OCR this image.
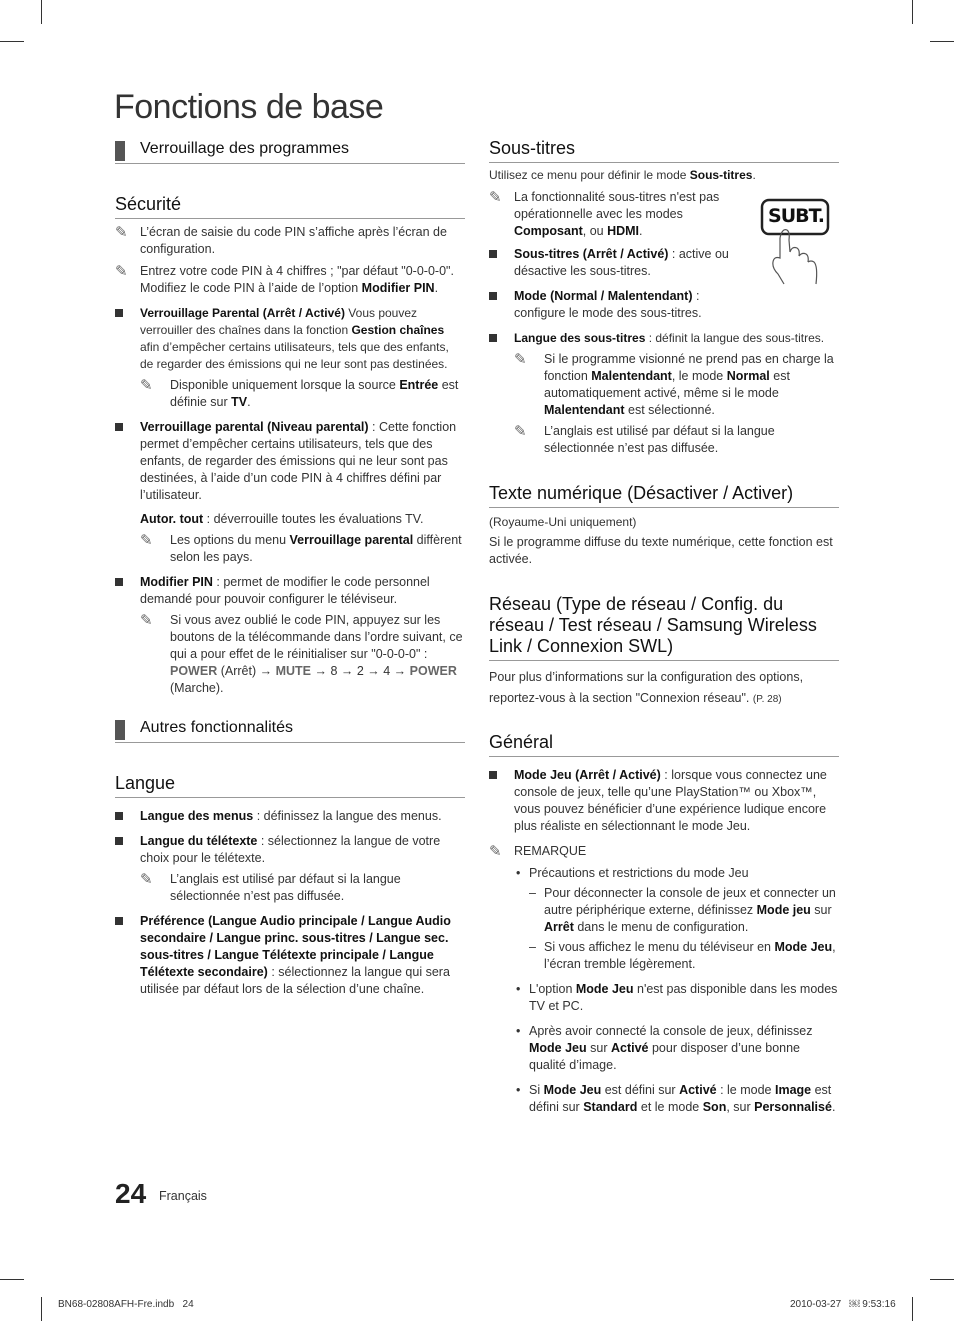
Fonctions de base
Verrouillage des programmes
Sécurité
✎ L’écran de saisie du code PIN s’affiche après l’écran de configuration.
✎ Entrez votre code PIN à 4 chiffres ; "par défaut "0-0-0-0". Modifiez le code PIN à l’aide de l’option Modifier PIN.
Verrouillage Parental (Arrêt / Activé) Vous pouvez verrouiller des chaînes dans la fonction Gestion chaînes afin d’empêcher certains utilisateurs, tels que des enfants, de regarder des émissions qui ne leur sont pas destinées.
✎ Disponible uniquement lorsque la source Entrée est définie sur TV.
Verrouillage parental (Niveau parental) : Cette fonction permet d’empêcher certains utilisateurs, tels que des enfants, de regarder des émissions qui ne leur sont pas destinées, à l’aide d’un code PIN à 4 chiffres défini par l’utilisateur.
Autor. tout : déverrouille toutes les évaluations TV.
✎ Les options du menu Verrouillage parental diffèrent selon les pays.
Modifier PIN : permet de modifier le code personnel demandé pour pouvoir configurer le téléviseur.
✎ Si vous avez oublié le code PIN, appuyez sur les boutons de la télécommande dans l’ordre suivant, ce qui a pour effet de le réinitialiser sur "0-0-0-0" : POWER (Arrêt) → MUTE → 8 → 2 → 4 → POWER (Marche).
Autres fonctionnalités
Langue
Langue des menus : définissez la langue des menus.
Langue du télétexte : sélectionnez la langue de votre choix pour le télétexte.
✎ L’anglais est utilisé par défaut si la langue sélectionnée n’est pas diffusée.
Préférence (Langue Audio principale / Langue Audio secondaire / Langue princ. sous-titres / Langue sec. sous-titres / Langue Télétexte principale / Langue Télétexte secondaire) : sélectionnez la langue qui sera utilisée par défaut lors de la sélection d’une chaîne.
Sous-titres
Utilisez ce menu pour définir le mode Sous-titres.
✎ La fonctionnalité sous-titres n'est pas opérationnelle avec les modes Composant, ou HDMI.
Sous-titres (Arrêt / Activé) : active ou désactive les sous-titres.
Mode (Normal / Malentendant) : configure le mode des sous-titres.
Langue des sous-titres : définit la langue des sous-titres.
✎ Si le programme visionné ne prend pas en charge la fonction Malentendant, le mode Normal est automatiquement activé, même si le mode Malentendant est sélectionné.
✎ L’anglais est utilisé par défaut si la langue sélectionnée n’est pas diffusée.
Texte numérique (Désactiver / Activer)
(Royaume-Uni uniquement)
Si le programme diffuse du texte numérique, cette fonction est activée.
Réseau (Type de réseau / Config. du réseau / Test réseau / Samsung Wireless Link / Connexion SWL)
Pour plus d’informations sur la configuration des options,
reportez-vous à la section "Connexion réseau". (P. 28)
Général
Mode Jeu (Arrêt / Activé) : lorsque vous connectez une console de jeux, telle qu’une PlayStation™ ou Xbox™, vous pouvez bénéficier d’une expérience ludique encore plus réaliste en sélectionnant le mode Jeu.
✎ REMARQUE
• Précautions et restrictions du mode Jeu
– Pour déconnecter la console de jeux et connecter un autre périphérique externe, définissez Mode jeu sur Arrêt dans le menu de configuration.
– Si vous affichez le menu du téléviseur en Mode Jeu, l’écran tremble légèrement.
• L'option Mode Jeu n'est pas disponible dans les modes TV et PC.
• Après avoir connecté la console de jeux, définissez Mode Jeu sur Activé pour disposer d’une bonne qualité d’image.
• Si Mode Jeu est défini sur Activé : le mode Image est défini sur Standard et le mode Son, sur Personnalisé.
SUBT.
24 Français
BN68-02808AFH-Fre.indb   24	2010-03-27   ￼ 9:53:16
